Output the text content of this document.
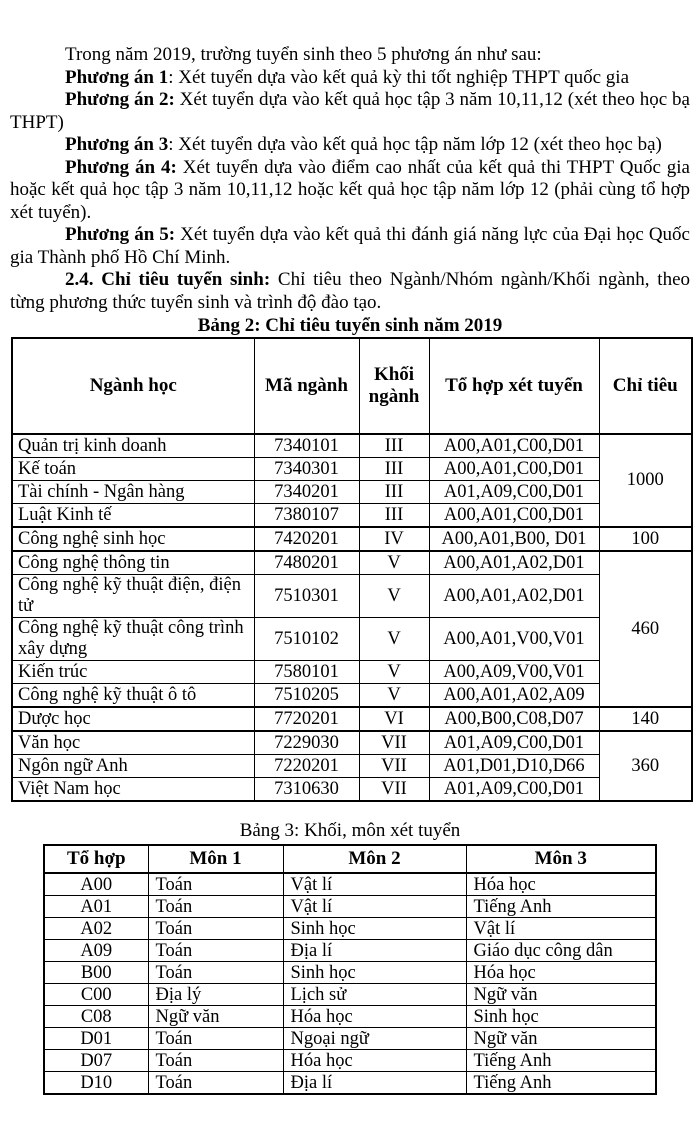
Trong năm 2019, trường tuyển sinh theo 5 phương án như sau:

Phương án 1: Xét tuyển dựa vào kết quả kỳ thi tốt nghiệp THPT quốc gia

Phương án 2: Xét tuyển dựa vào kết quả học tập 3 năm 10,11,12 (xét theo học bạ THPT)

Phương án 3: Xét tuyển dựa vào kết quả học tập năm lớp 12 (xét theo học bạ)

Phương án 4: Xét tuyển dựa vào điểm cao nhất của kết quả thi THPT Quốc gia hoặc kết quả học tập 3 năm 10,11,12 hoặc kết quả học tập năm lớp 12 (phải cùng tổ hợp xét tuyển).

Phương án 5: Xét tuyển dựa vào kết quả thi đánh giá năng lực của Đại học Quốc gia Thành phố Hồ Chí Minh.

2.4. Chỉ tiêu tuyển sinh: Chỉ tiêu theo Ngành/Nhóm ngành/Khối ngành, theo từng phương thức tuyển sinh và trình độ đào tạo.

Bảng 2: Chỉ tiêu tuyển sinh năm 2019

Ngành học	Mã ngành	Khối ngành	Tổ hợp xét tuyển	Chỉ tiêu
Quản trị kinh doanh	7340101	III	A00,A01,C00,D01	1000
Kế toán	7340301	III	A00,A01,C00,D01	
Tài chính - Ngân hàng	7340201	III	A01,A09,C00,D01	
Luật Kinh tế	7380107	III	A00,A01,C00,D01	
Công nghệ sinh học	7420201	IV	A00,A01,B00, D01	100
Công nghệ thông tin	7480201	V	A00,A01,A02,D01	460
Công nghệ kỹ thuật điện, điện tử	7510301	V	A00,A01,A02,D01	
Công nghệ kỹ thuật công trình xây dựng	7510102	V	A00,A01,V00,V01	
Kiến trúc	7580101	V	A00,A09,V00,V01	
Công nghệ kỹ thuật ô tô	7510205	V	A00,A01,A02,A09	
Dược học	7720201	VI	A00,B00,C08,D07	140
Văn học	7229030	VII	A01,A09,C00,D01	360
Ngôn ngữ Anh	7220201	VII	A01,D01,D10,D66	
Việt Nam học	7310630	VII	A01,A09,C00,D01	

Bảng 3: Khối, môn xét tuyển

Tổ hợp	Môn 1	Môn 2	Môn 3
A00	Toán	Vật lí	Hóa học
A01	Toán	Vật lí	Tiếng Anh
A02	Toán	Sinh học	Vật lí
A09	Toán	Địa lí	Giáo dục công dân
B00	Toán	Sinh học	Hóa học
C00	Địa lý	Lịch sử	Ngữ văn
C08	Ngữ văn	Hóa học	Sinh học
D01	Toán	Ngoại ngữ	Ngữ văn
D07	Toán	Hóa học	Tiếng Anh
D10	Toán	Địa lí	Tiếng Anh
